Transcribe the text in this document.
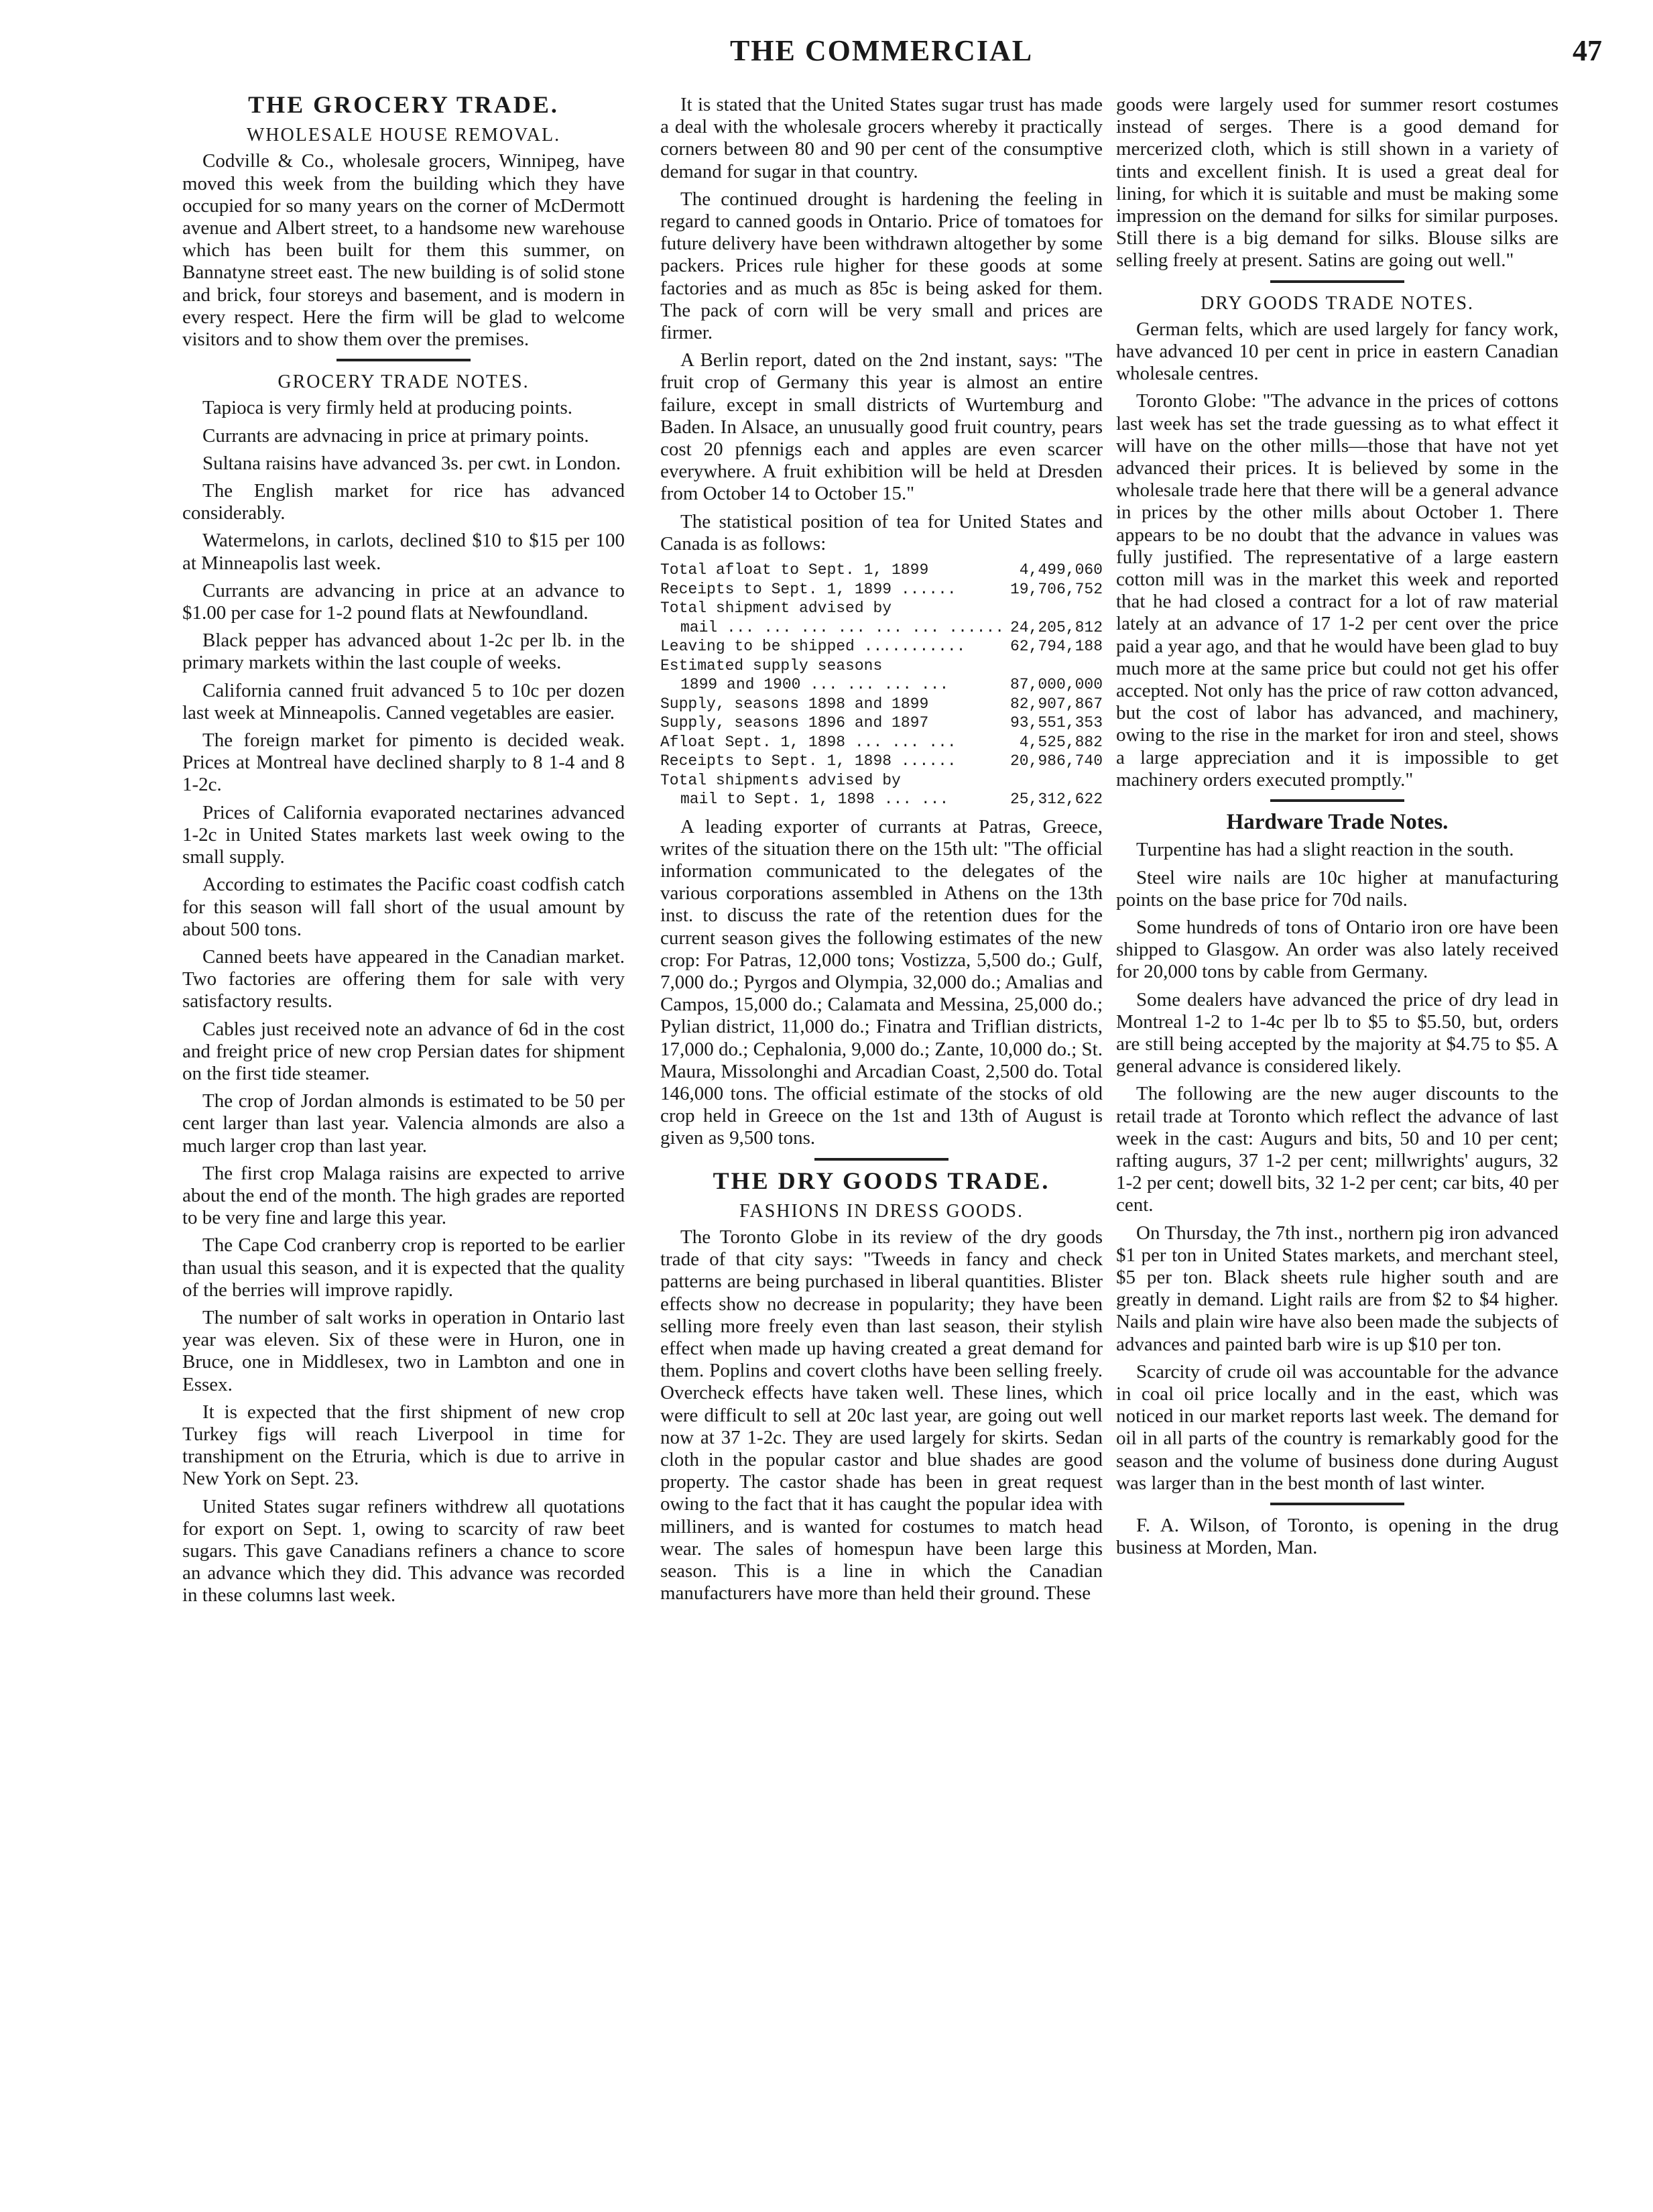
THE COMMERCIAL	47
THE GROCERY TRADE.
WHOLESALE HOUSE REMOVAL.

Codville & Co., wholesale grocers, Winnipeg, have moved this week from the building which they have occupied for so many years on the corner of McDermott avenue and Albert street, to a handsome new warehouse which has been built for them this summer, on Bannatyne street east. The new building is of solid stone and brick, four storeys and basement, and is modern in every respect. Here the firm will be glad to welcome visitors and to show them over the premises.

GROCERY TRADE NOTES.

Tapioca is very firmly held at producing points.

Currants are advnacing in price at primary points.

Sultana raisins have advanced 3s. per cwt. in London.

The English market for rice has advanced considerably.

Watermelons, in carlots, declined $10 to $15 per 100 at Minneapolis last week.

Currants are advancing in price at an advance to $1.00 per case for 1-2 pound flats at Newfoundland.

Black pepper has advanced about 1-2c per lb. in the primary markets within the last couple of weeks.

California canned fruit advanced 5 to 10c per dozen last week at Minneapolis. Canned vegetables are easier.

The foreign market for pimento is decided weak. Prices at Montreal have declined sharply to 8 1-4 and 8 1-2c.

Prices of California evaporated nectarines advanced 1-2c in United States markets last week owing to the small supply.

According to estimates the Pacific coast codfish catch for this season will fall short of the usual amount by about 500 tons.

Canned beets have appeared in the Canadian market. Two factories are offering them for sale with very satisfactory results.

Cables just received note an advance of 6d in the cost and freight price of new crop Persian dates for shipment on the first tide steamer.

The crop of Jordan almonds is estimated to be 50 per cent larger than last year. Valencia almonds are also a much larger crop than last year.

The first crop Malaga raisins are expected to arrive about the end of the month. The high grades are reported to be very fine and large this year.

The Cape Cod cranberry crop is reported to be earlier than usual this season, and it is expected that the quality of the berries will improve rapidly.

The number of salt works in operation in Ontario last year was eleven. Six of these were in Huron, one in Bruce, one in Middlesex, two in Lambton and one in Essex.

It is expected that the first shipment of new crop Turkey figs will reach Liverpool in time for transhipment on the Etruria, which is due to arrive in New York on Sept. 23.

United States sugar refiners withdrew all quotations for export on Sept. 1, owing to scarcity of raw beet sugars. This gave Canadians refiners a chance to score an advance which they did. This advance was recorded in these columns last week.

It is stated that the United States sugar trust has made a deal with the wholesale grocers whereby it practically corners between 80 and 90 per cent of the consumptive demand for sugar in that country.

The continued drought is hardening the feeling in regard to canned goods in Ontario. Price of tomatoes for future delivery have been withdrawn altogether by some packers. Prices rule higher for these goods at some factories and as much as 85c is being asked for them. The pack of corn will be very small and prices are firmer.

A Berlin report, dated on the 2nd instant, says: "The fruit crop of Germany this year is almost an entire failure, except in small districts of Wurtemburg and Baden. In Alsace, an unusually good fruit country, pears cost 20 pfennigs each and apples are even scarcer everywhere. A fruit exhibition will be held at Dresden from October 14 to October 15."

The statistical position of tea for United States and Canada is as follows:

Total afloat to Sept. 1, 1899	4,499,060
Receipts to Sept. 1, 1899 ......	19,706,752
Total shipment advised by
mail ... ... ... ... ... ... ...... 24,205,812
Leaving to be shipped ...........	62,794,188
Estimated supply seasons
1899 and 1900 ... ... ... ...	87,000,000
Supply, seasons 1898 and 1899	82,907,867
Supply, seasons 1896 and 1897	93,551,353
Afloat Sept. 1, 1898 ... ... ...	4,525,882
Receipts to Sept. 1, 1898 ......	20,986,740
Total shipments advised by
mail to Sept. 1, 1898 ... ...	25,312,622

A leading exporter of currants at Patras, Greece, writes of the situation there on the 15th ult: "The official information communicated to the delegates of the various corporations assembled in Athens on the 13th inst. to discuss the rate of the retention dues for the current season gives the following estimates of the new crop: For Patras, 12,000 tons; Vostizza, 5,500 do.; Gulf, 7,000 do.; Pyrgos and Olympia, 32,000 do.; Amalias and Campos, 15,000 do.; Calamata and Messina, 25,000 do.; Pylian district, 11,000 do.; Finatra and Triflian districts, 17,000 do.; Cephalonia, 9,000 do.; Zante, 10,000 do.; St. Maura, Missolonghi and Arcadian Coast, 2,500 do. Total 146,000 tons. The official estimate of the stocks of old crop held in Greece on the 1st and 13th of August is given as 9,500 tons.

THE DRY GOODS TRADE.
FASHIONS IN DRESS GOODS.

The Toronto Globe in its review of the dry goods trade of that city says: "Tweeds in fancy and check patterns are being purchased in liberal quantities. Blister effects show no decrease in popularity; they have been selling more freely even than last season, their stylish effect when made up having created a great demand for them. Poplins and covert cloths have been selling freely. Overcheck effects have taken well. These lines, which were difficult to sell at 20c last year, are going out well now at 37 1-2c. They are used largely for skirts. Sedan cloth in the popular castor and blue shades are good property. The castor shade has been in great request owing to the fact that it has caught the popular idea with milliners, and is wanted for costumes to match head wear. The sales of homespun have been large this season. This is a line in which the Canadian manufacturers have more than held their ground. These

goods were largely used for summer resort costumes instead of serges. There is a good demand for mercerized cloth, which is still shown in a variety of tints and excellent finish. It is used a great deal for lining, for which it is suitable and must be making some impression on the demand for silks for similar purposes. Still there is a big demand for silks. Blouse silks are selling freely at present. Satins are going out well."

DRY GOODS TRADE NOTES.

German felts, which are used largely for fancy work, have advanced 10 per cent in price in eastern Canadian wholesale centres.

Toronto Globe: "The advance in the prices of cottons last week has set the trade guessing as to what effect it will have on the other mills—those that have not yet advanced their prices. It is believed by some in the wholesale trade here that there will be a general advance in prices by the other mills about October 1. There appears to be no doubt that the advance in values was fully justified. The representative of a large eastern cotton mill was in the market this week and reported that he had closed a contract for a lot of raw material lately at an advance of 17 1-2 per cent over the price paid a year ago, and that he would have been glad to buy much more at the same price but could not get his offer accepted. Not only has the price of raw cotton advanced, but the cost of labor has advanced, and machinery, owing to the rise in the market for iron and steel, shows a large appreciation and it is impossible to get machinery orders executed promptly."

Hardware Trade Notes.

Turpentine has had a slight reaction in the south.

Steel wire nails are 10c higher at manufacturing points on the base price for 70d nails.

Some hundreds of tons of Ontario iron ore have been shipped to Glasgow. An order was also lately received for 20,000 tons by cable from Germany.

Some dealers have advanced the price of dry lead in Montreal 1-2 to 1-4c per lb to $5 to $5.50, but, orders are still being accepted by the majority at $4.75 to $5. A general advance is considered likely.

The following are the new auger discounts to the retail trade at Toronto which reflect the advance of last week in the cast: Augurs and bits, 50 and 10 per cent; rafting augurs, 37 1-2 per cent; millwrights' augurs, 32 1-2 per cent; dowell bits, 32 1-2 per cent; car bits, 40 per cent.

On Thursday, the 7th inst., northern pig iron advanced $1 per ton in United States markets, and merchant steel, $5 per ton. Black sheets rule higher south and are greatly in demand. Light rails are from $2 to $4 higher. Nails and plain wire have also been made the subjects of advances and painted barb wire is up $10 per ton.

Scarcity of crude oil was accountable for the advance in coal oil price locally and in the east, which was noticed in our market reports last week. The demand for oil in all parts of the country is remarkably good for the season and the volume of business done during August was larger than in the best month of last winter.

F. A. Wilson, of Toronto, is opening in the drug business at Morden, Man.
